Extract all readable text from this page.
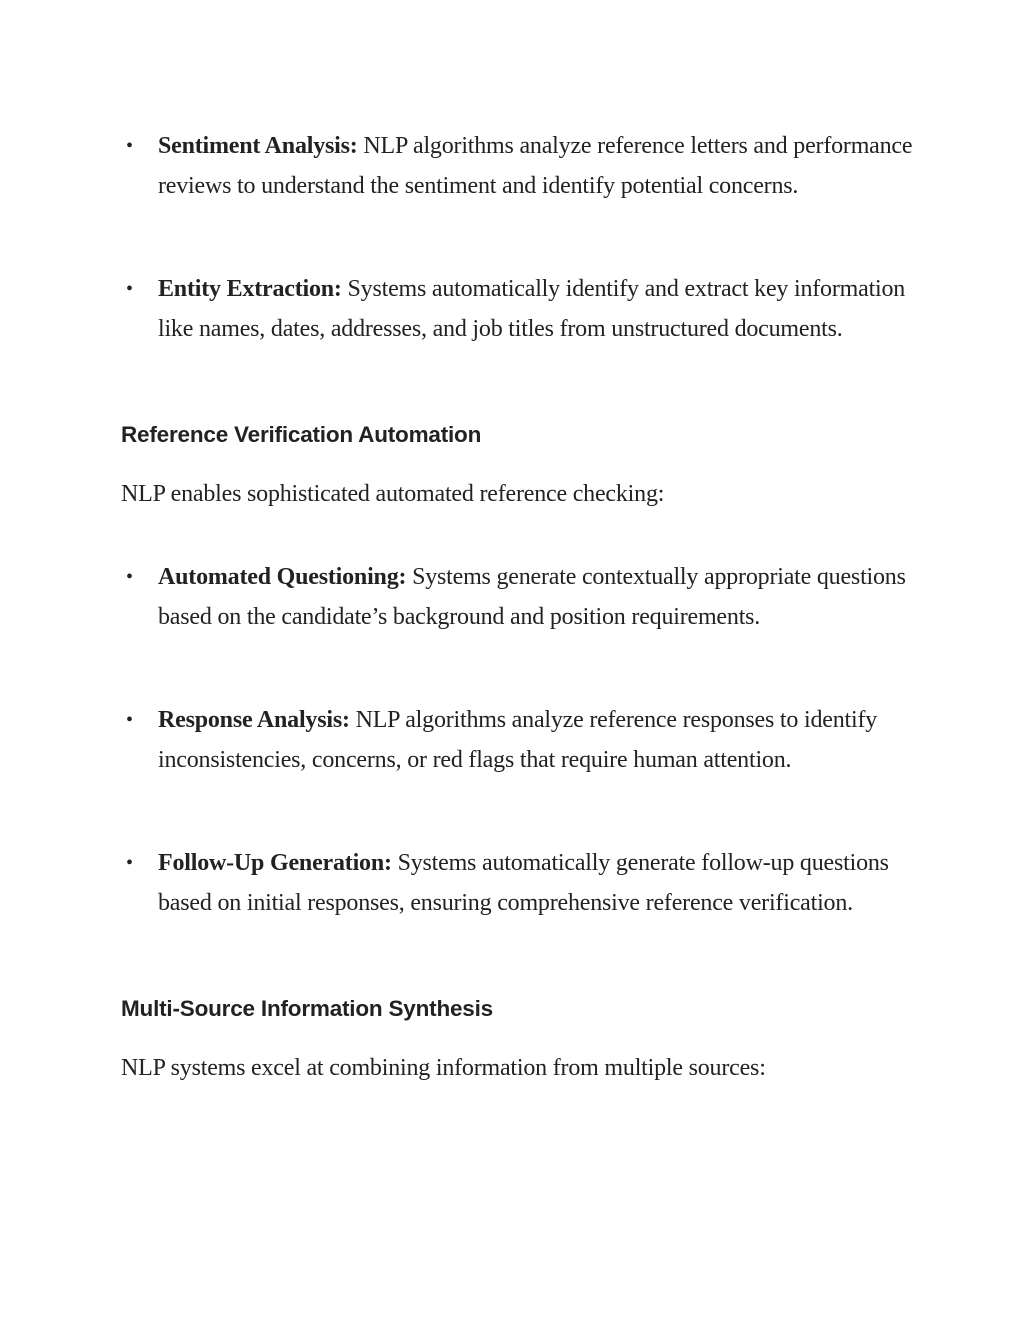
• Sentiment Analysis: NLP algorithms analyze reference letters and performance reviews to understand the sentiment and identify potential concerns.
• Entity Extraction: Systems automatically identify and extract key information like names, dates, addresses, and job titles from unstructured documents.
Reference Verification Automation
NLP enables sophisticated automated reference checking:
• Automated Questioning: Systems generate contextually appropriate questions based on the candidate’s background and position requirements.
• Response Analysis: NLP algorithms analyze reference responses to identify inconsistencies, concerns, or red flags that require human attention.
• Follow-Up Generation: Systems automatically generate follow-up questions based on initial responses, ensuring comprehensive reference verification.
Multi-Source Information Synthesis
NLP systems excel at combining information from multiple sources:
